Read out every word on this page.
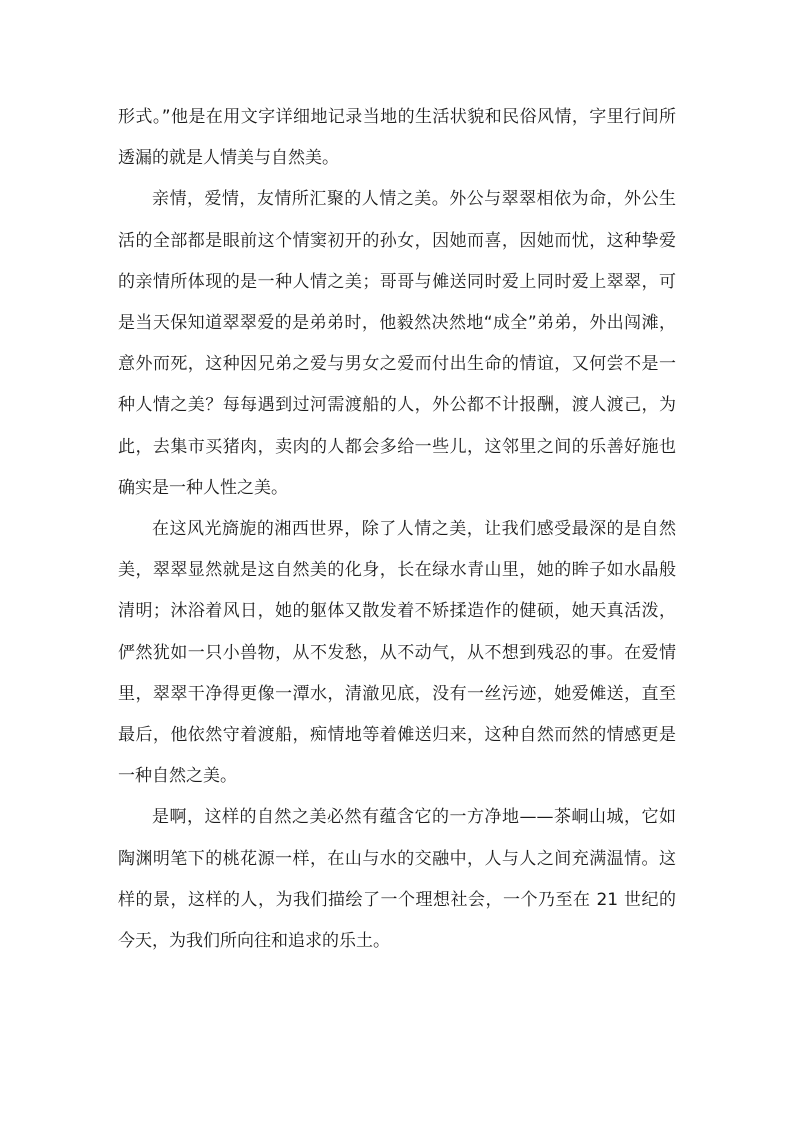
形式。”他是在用文字详细地记录当地的生活状貌和民俗风情，字里行间所透漏的就是人情美与自然美。

亲情，爱情，友情所汇聚的人情之美。外公与翠翠相依为命，外公生活的全部都是眼前这个情窦初开的孙女，因她而喜，因她而忧，这种挚爱的亲情所体现的是一种人情之美；哥哥与傩送同时爱上同时爱上翠翠，可是当天保知道翠翠爱的是弟弟时，他毅然决然地“成全”弟弟，外出闯滩，意外而死，这种因兄弟之爱与男女之爱而付出生命的情谊，又何尝不是一种人情之美？每每遇到过河需渡船的人，外公都不计报酬，渡人渡己，为此，去集市买猪肉，卖肉的人都会多给一些儿，这邻里之间的乐善好施也确实是一种人性之美。

在这风光旖旎的湘西世界，除了人情之美，让我们感受最深的是自然美，翠翠显然就是这自然美的化身，长在绿水青山里，她的眸子如水晶般清明；沐浴着风日，她的躯体又散发着不矫揉造作的健硕，她天真活泼，俨然犹如一只小兽物，从不发愁，从不动气，从不想到残忍的事。在爱情里，翠翠干净得更像一潭水，清澈见底，没有一丝污迹，她爱傩送，直至最后，他依然守着渡船，痴情地等着傩送归来，这种自然而然的情感更是一种自然之美。

是啊，这样的自然之美必然有蕴含它的一方净地——茶峒山城，它如陶渊明笔下的桃花源一样，在山与水的交融中，人与人之间充满温情。这样的景，这样的人，为我们描绘了一个理想社会，一个乃至在 21 世纪的今天，为我们所向往和追求的乐土。
